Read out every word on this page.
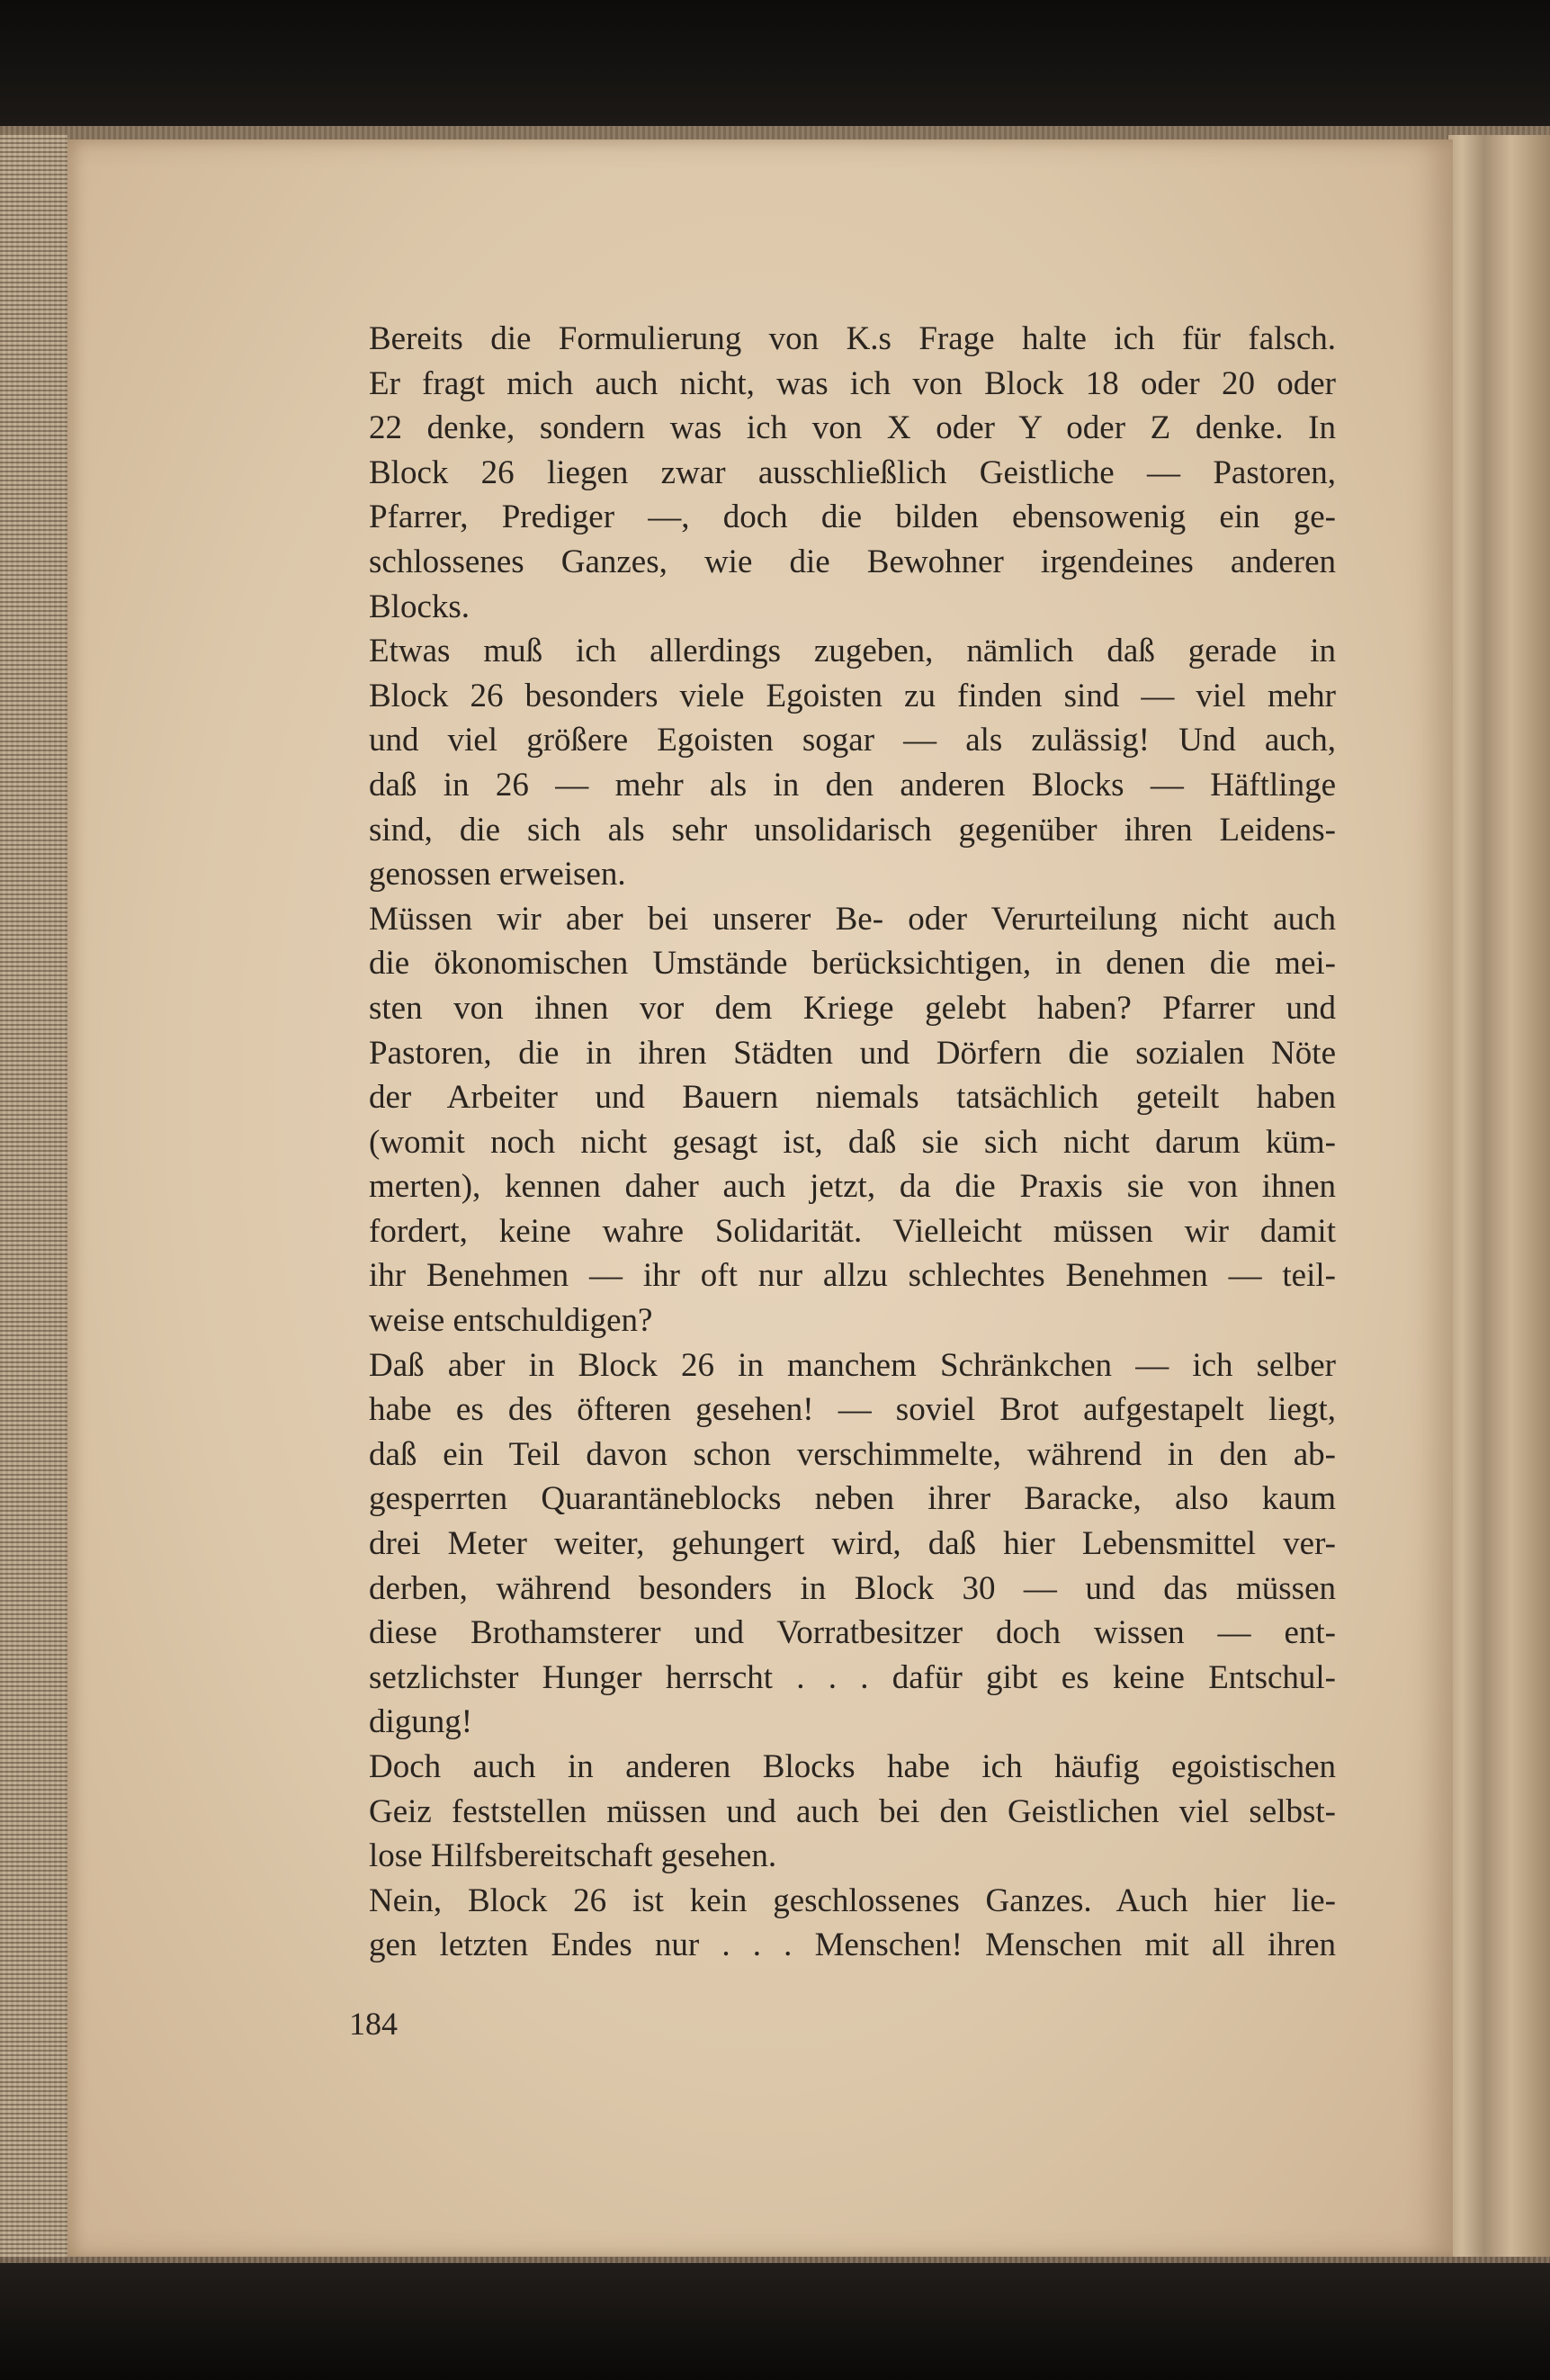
Bereits die Formulierung von K.s Frage halte ich für falsch.
Er fragt mich auch nicht, was ich von Block 18 oder 20 oder
22 denke, sondern was ich von X oder Y oder Z denke. In
Block 26 liegen zwar ausschließlich Geistliche — Pastoren,
Pfarrer, Prediger —, doch die bilden ebensowenig ein ge-
schlossenes Ganzes, wie die Bewohner irgendeines anderen
Blocks.
Etwas muß ich allerdings zugeben, nämlich daß gerade in
Block 26 besonders viele Egoisten zu finden sind — viel mehr
und viel größere Egoisten sogar — als zulässig! Und auch,
daß in 26 — mehr als in den anderen Blocks — Häftlinge
sind, die sich als sehr unsolidarisch gegenüber ihren Leidens-
genossen erweisen.
Müssen wir aber bei unserer Be- oder Verurteilung nicht auch
die ökonomischen Umstände berücksichtigen, in denen die mei-
sten von ihnen vor dem Kriege gelebt haben? Pfarrer und
Pastoren, die in ihren Städten und Dörfern die sozialen Nöte
der Arbeiter und Bauern niemals tatsächlich geteilt haben
(womit noch nicht gesagt ist, daß sie sich nicht darum küm-
merten), kennen daher auch jetzt, da die Praxis sie von ihnen
fordert, keine wahre Solidarität. Vielleicht müssen wir damit
ihr Benehmen — ihr oft nur allzu schlechtes Benehmen — teil-
weise entschuldigen?
Daß aber in Block 26 in manchem Schränkchen — ich selber
habe es des öfteren gesehen! — soviel Brot aufgestapelt liegt,
daß ein Teil davon schon verschimmelte, während in den ab-
gesperrten Quarantäneblocks neben ihrer Baracke, also kaum
drei Meter weiter, gehungert wird, daß hier Lebensmittel ver-
derben, während besonders in Block 30 — und das müssen
diese Brothamsterer und Vorratbesitzer doch wissen — ent-
setzlichster Hunger herrscht . . . dafür gibt es keine Entschul-
digung!
Doch auch in anderen Blocks habe ich häufig egoistischen
Geiz feststellen müssen und auch bei den Geistlichen viel selbst-
lose Hilfsbereitschaft gesehen.
Nein, Block 26 ist kein geschlossenes Ganzes. Auch hier lie-
gen letzten Endes nur . . . Menschen! Menschen mit all ihren
184
